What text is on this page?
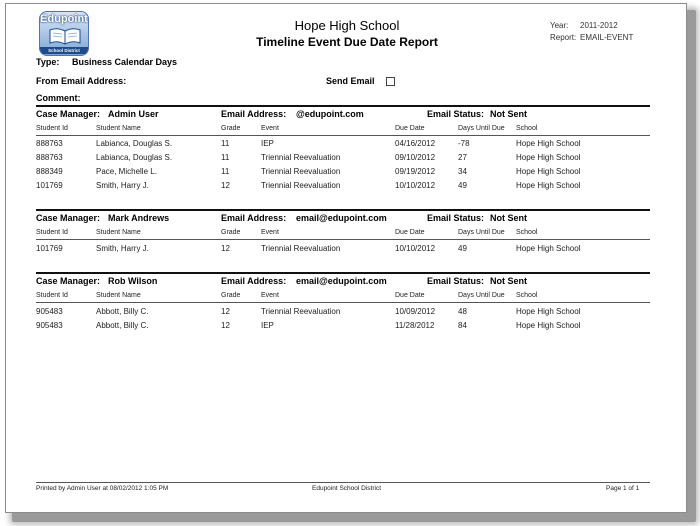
Edupoint
School District
Hope High School
Timeline Event Due Date Report
Year: 2011-2012
Report: EMAIL-EVENT
Type: Business Calendar Days
From Email Address:	Send Email
Comment:
Case Manager: Admin User	Email Address: @edupoint.com	Email Status: Not Sent
Student Id	Student Name	Grade	Event	Due Date	Days Until Due School
888763	Labianca, Douglas S.	11	IEP	04/16/2012	-78	Hope High School
888763	Labianca, Douglas S.	11	Triennial Reevaluation	09/10/2012	27	Hope High School
888349	Pace, Michelle L.	11	Triennial Reevaluation	09/19/2012	34	Hope High School
101769	Smith, Harry J.	12	Triennial Reevaluation	10/10/2012	49	Hope High School
Case Manager: Mark Andrews	Email Address: email@edupoint.com	Email Status: Not Sent
Student Id	Student Name	Grade	Event	Due Date	Days Until Due School
101769	Smith, Harry J.	12	Triennial Reevaluation	10/10/2012	49	Hope High School
Case Manager: Rob Wilson	Email Address: email@edupoint.com	Email Status: Not Sent
Student Id	Student Name	Grade	Event	Due Date	Days Until Due School
905483	Abbott, Billy C.	12	Triennial Reevaluation	10/09/2012	48	Hope High School
905483	Abbott, Billy C.	12	IEP	11/28/2012	84	Hope High School
Printed by Admin User at 08/02/2012 1:05 PM	Edupoint School District	Page 1 of 1
